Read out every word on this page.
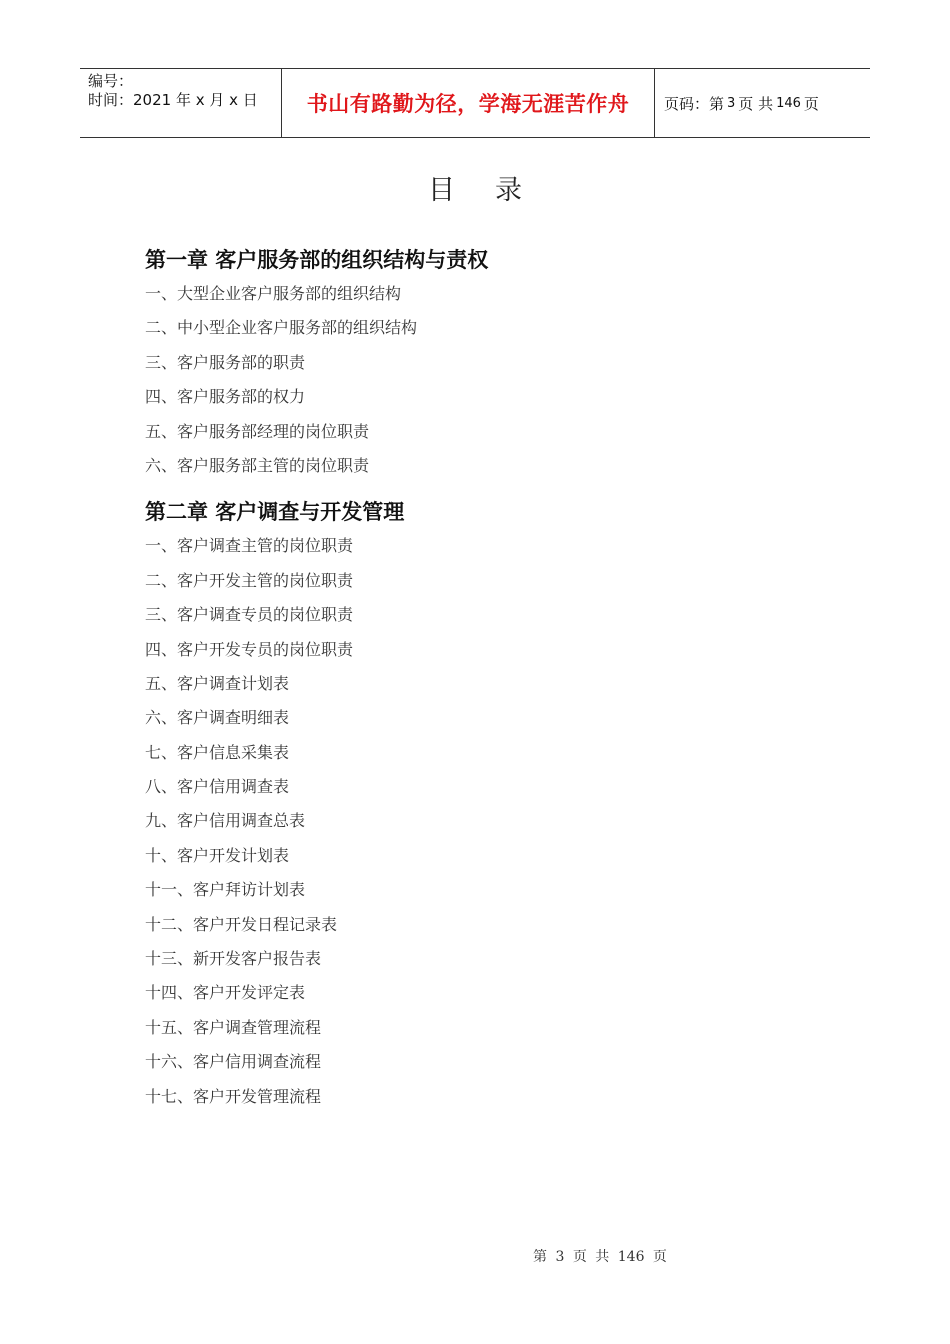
编号：
时间：2021 年 x 月 x 日	书山有路勤为径，学海无涯苦作舟 页码：第 3 页 共 146 页
目录
第一章 客户服务部的组织结构与责权
一、大型企业客户服务部的组织结构
二、中小型企业客户服务部的组织结构
三、客户服务部的职责
四、客户服务部的权力
五、客户服务部经理的岗位职责
六、客户服务部主管的岗位职责
第二章 客户调查与开发管理
一、客户调查主管的岗位职责
二、客户开发主管的岗位职责
三、客户调查专员的岗位职责
四、客户开发专员的岗位职责
五、客户调查计划表
六、客户调查明细表
七、客户信息采集表
八、客户信用调查表
九、客户信用调查总表
十、客户开发计划表
十一、客户拜访计划表
十二、客户开发日程记录表
十三、新开发客户报告表
十四、客户开发评定表
十五、客户调查管理流程
十六、客户信用调查流程
十七、客户开发管理流程
第 3 页 共 146 页
